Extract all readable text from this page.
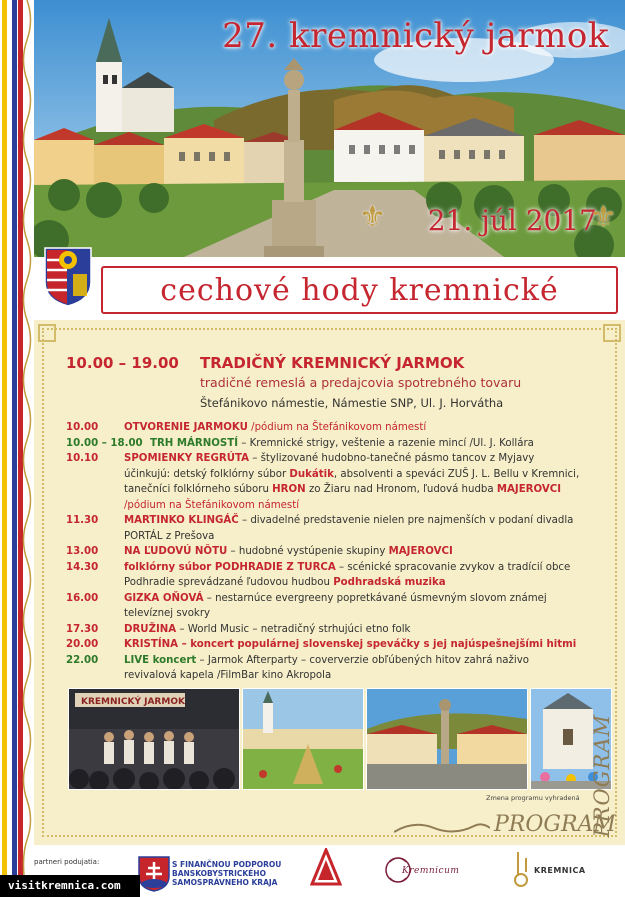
27. kremnický jarmok
21. júl 2017
⚜	⚜
cechové hody kremnické
10.00 – 19.00 TRADIČNÝ KREMNICKÝ JARMOK
tradičné remeslá a predajcovia spotrebného tovaru
Štefánikovo námestie, Námestie SNP, Ul. J. Horvátha
10.00	OTVORENIE JARMOKU /pódium na Štefánikovom námestí
10.00 – 18.00 TRH MÁRNOSTÍ – Kremnické strigy, veštenie a razenie mincí /Ul. J. Kollára
10.10	SPOMIENKY REGRÚTA – štylizované hudobno-tanečné pásmo tancov z Myjavy účinkujú: detský folklórny súbor Dukátik, absolventi a speváci ZUŠ J. L. Bellu v Kremnici, tanečníci folklórneho súboru HRON zo Žiaru nad Hronom, ľudová hudba MAJEROVCI /pódium na Štefánikovom námestí
11.30	MARTINKO KLINGÁČ – divadelné predstavenie nielen pre najmenších v podaní divadla PORTÁL z Prešova
13.00	NA ĽUDOVÚ NÔTU – hudobné vystúpenie skupiny MAJEROVCI
14.30	folklórny súbor PODHRADIE Z TURCA – scénické spracovanie zvykov a tradícií obce Podhradie sprevádzané ľudovou hudbou Podhradská muzika
16.00	GIZKA OŇOVÁ – nestarnúce evergreeny popretkávané úsmevným slovom známej televíznej svokry
17.30	DRUŽINA – World Music – netradičný strhujúci etno folk
20.00	KRISTÍNA – koncert populárnej slovenskej speváčky s jej najúspešnejšími hitmi
22.00	LIVE koncert – Jarmok Afterparty – coververzie obľúbených hitov zahrá naživo revivalová kapela /FilmBar kino Akropola
KREMNICKÝ JARMOK
Zmena programu vyhradená PROGRAM
PROGRAM
partneri podujatia:	S FINANČNOU PODPOROU
BANSKOBYSTRICKÉHO
SAMOSPRÁVNEHO KRAJA
Kremnicum	KREMNICA
visitkremnica.com
